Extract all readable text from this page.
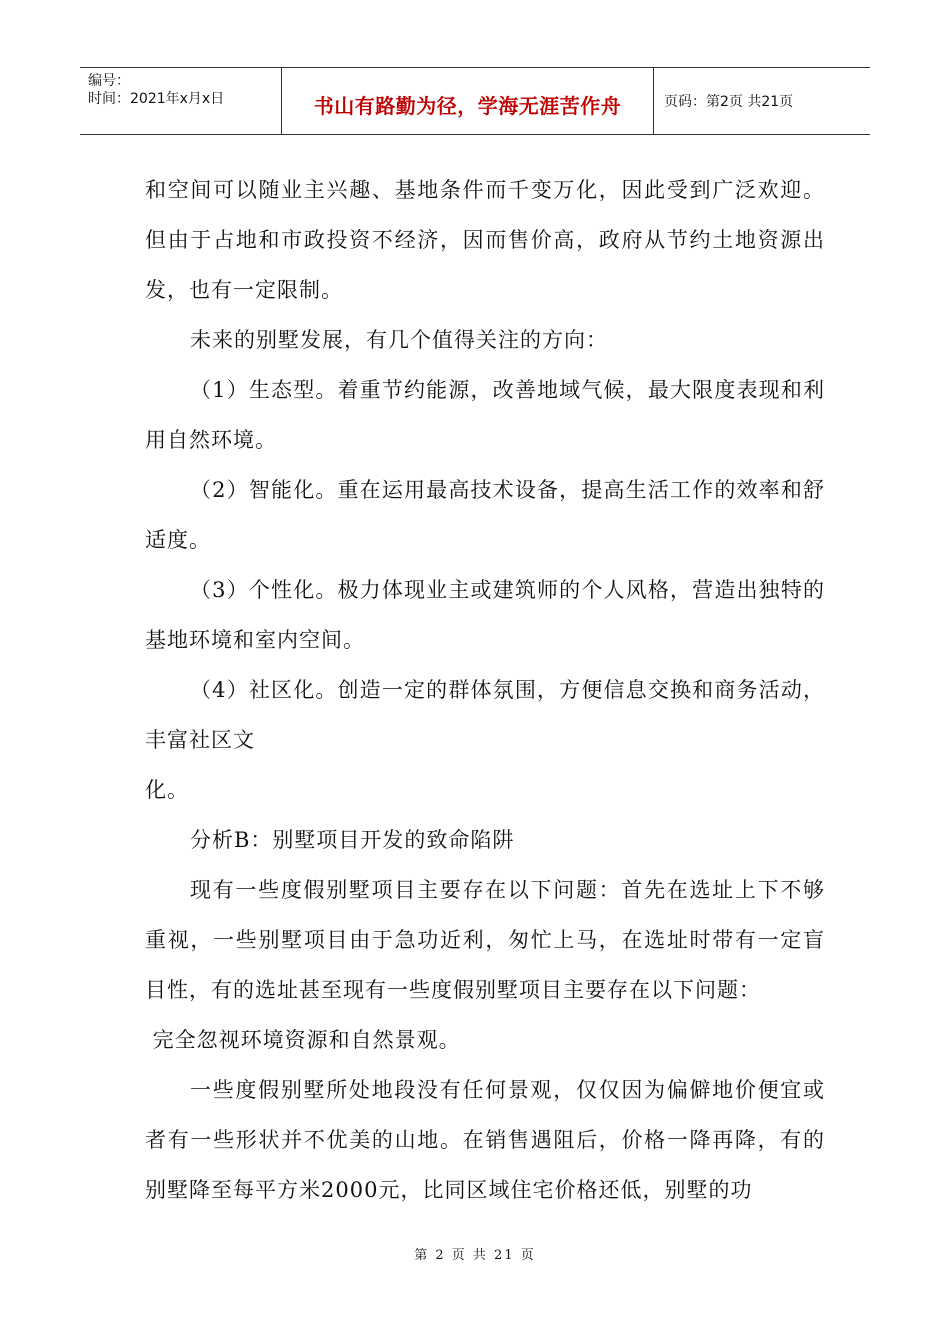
编号：
时间：2021年x月x日	书山有路勤为径，学海无涯苦作舟	页码：第2页 共21页

和空间可以随业主兴趣、基地条件而千变万化，因此受到广泛欢迎。但由于占地和市政投资不经济，因而售价高，政府从节约土地资源出发，也有一定限制。

未来的别墅发展，有几个值得关注的方向：

（1）生态型。着重节约能源，改善地域气候，最大限度表现和利用自然环境。

（2）智能化。重在运用最高技术设备，提高生活工作的效率和舒适度。

（3）个性化。极力体现业主或建筑师的个人风格，营造出独特的基地环境和室内空间。

（4）社区化。创造一定的群体氛围，方便信息交换和商务活动，丰富社区文

化。

分析B：别墅项目开发的致命陷阱

现有一些度假别墅项目主要存在以下问题：首先在选址上下不够重视，一些别墅项目由于急功近利，匆忙上马，在选址时带有一定盲目性，有的选址甚至现有一些度假别墅项目主要存在以下问题：

完全忽视环境资源和自然景观。

一些度假别墅所处地段没有任何景观，仅仅因为偏僻地价便宜或者有一些形状并不优美的山地。在销售遇阻后，价格一降再降，有的别墅降至每平方米2000元，比同区域住宅价格还低，别墅的功

第 2 页 共 21 页
